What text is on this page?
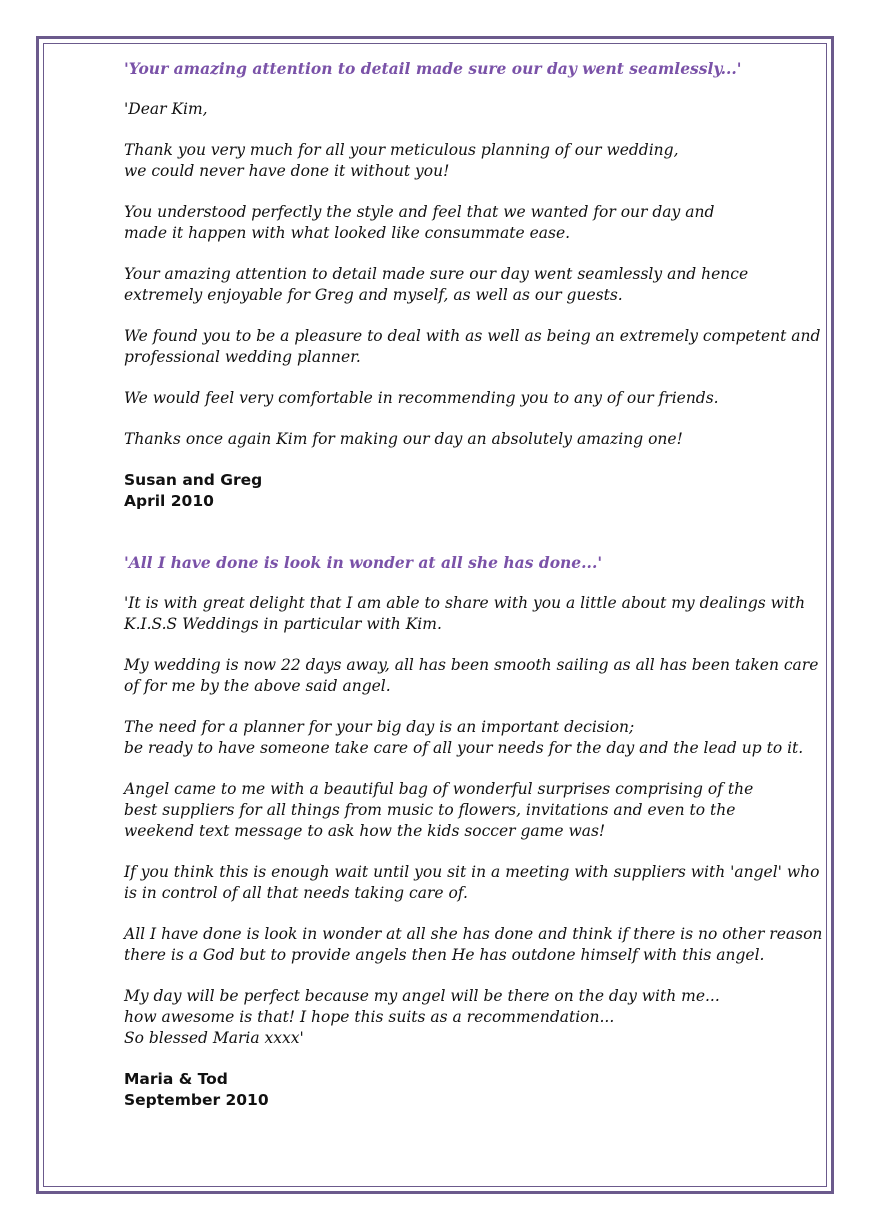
'Your amazing attention to detail made sure our day went seamlessly...'

'Dear Kim,

Thank you very much for all your meticulous planning of our wedding,
we could never have done it without you!

You understood perfectly the style and feel that we wanted for our day and
made it happen with what looked like consummate ease.

Your amazing attention to detail made sure our day went seamlessly and hence
extremely enjoyable for Greg and myself, as well as our guests.

We found you to be a pleasure to deal with as well as being an extremely competent and
professional wedding planner.

We would feel very comfortable in recommending you to any of our friends.

Thanks once again Kim for making our day an absolutely amazing one!

Susan and Greg
April 2010

'All I have done is look in wonder at all she has done...'

'It is with great delight that I am able to share with you a little about my dealings with
K.I.S.S Weddings in particular with Kim.

My wedding is now 22 days away, all has been smooth sailing as all has been taken care
of for me by the above said angel.

The need for a planner for your big day is an important decision;
be ready to have someone take care of all your needs for the day and the lead up to it.

Angel came to me with a beautiful bag of wonderful surprises comprising of the
best suppliers for all things from music to flowers, invitations and even to the
weekend text message to ask how the kids soccer game was!

If you think this is enough wait until you sit in a meeting with suppliers with 'angel' who
is in control of all that needs taking care of.

All I have done is look in wonder at all she has done and think if there is no other reason
there is a God but to provide angels then He has outdone himself with this angel.

My day will be perfect because my angel will be there on the day with me...
how awesome is that! I hope this suits as a recommendation...
So blessed Maria xxxx'

Maria & Tod
September 2010
